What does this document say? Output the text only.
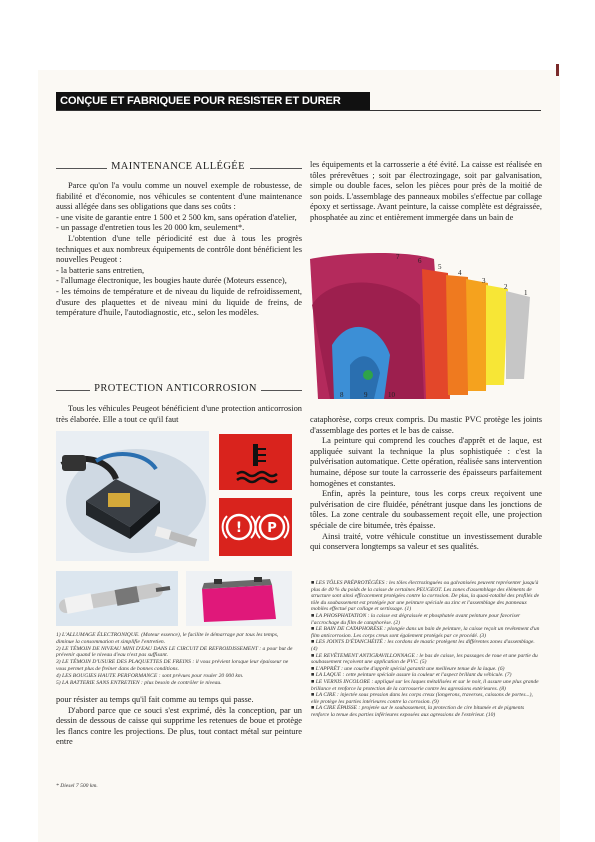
CONÇUE ET FABRIQUEE POUR RESISTER ET DURER
MAINTENANCE ALLÉGÉE

Parce qu'on l'a voulu comme un nouvel exemple de robustesse, de fiabilité et d'économie, nos véhicules se contentent d'une maintenance aussi allégée dans ses obligations que dans ses coûts :

- une visite de garantie entre 1 500 et 2 500 km, sans opération d'atelier,

- un passage d'entretien tous les 20 000 km, seulement*.

L'obtention d'une telle périodicité est due à tous les progrès techniques et aux nombreux équipements de contrôle dont bénéficient les nouvelles Peugeot :

- la batterie sans entretien,

- l'allumage électronique, les bougies haute durée (Moteurs essence),

- les témoins de température et de niveau du liquide de refroidissement, d'usure des plaquettes et de niveau mini du liquide de freins, de température d'huile, l'autodiagnostic, etc., selon les modèles.

PROTECTION ANTICORROSION

Tous les véhicules Peugeot bénéficient d'une protection anticorrosion très élaborée. Elle a tout ce qu'il faut

! P

1) L'ALLUMAGE ÉLECTRONIQUE. (Moteur essence), le facilite le démarrage par tous les temps, diminue la consommation et simplifie l'entretien.

2) LE TÉMOIN DE NIVEAU MINI D'EAU DANS LE CIRCUIT DE REFROIDISSEMENT : a pour but de prévenir quand le niveau d'eau n'est pas suffisant.

3) LE TÉMOIN D'USURE DES PLAQUETTES DE FREINS : il vous prévient lorsque leur épaisseur ne vous permet plus de freiner dans de bonnes conditions.

4) LES BOUGIES HAUTE PERFORMANCE : sont prévues pour rouler 20 000 km.

5) LA BATTERIE SANS ENTRETIEN : plus besoin de contrôler le niveau.

pour résister au temps qu'il fait comme au temps qui passe.

D'abord parce que ce souci s'est exprimé, dès la conception, par un dessin de dessous de caisse qui supprime les retenues de boue et protège les flancs contre les projections. De plus, tout contact métal sur peinture entre

* Diesel 7 500 km.

les équipements et la carrosserie a été évité. La caisse est réalisée en tôles prérevêtues ; soit par électrozingage, soit par galvanisation, simple ou double faces, selon les pièces pour près de la moitié de son poids. L'assemblage des panneaux mobiles s'effectue par collage époxy et sertissage. Avant peinture, la caisse complète est dégraissée, phosphatée au zinc et entièrement immergée dans un bain de

7	6
5
4
3
2
1
8	9	10

cataphorèse, corps creux compris. Du mastic PVC protège les joints d'assemblage des portes et le bas de caisse.

La peinture qui comprend les couches d'apprêt et de laque, est appliquée suivant la technique la plus sophistiquée : c'est la pulvérisation automatique. Cette opération, réalisée sans intervention humaine, dépose sur toute la carrosserie des épaisseurs parfaitement homogènes et constantes.

Enfin, après la peinture, tous les corps creux reçoivent une pulvérisation de cire fluidée, pénétrant jusque dans les jonctions de tôles. La zone centrale du soubassement reçoit elle, une projection spéciale de cire bitumée, très épaisse.

Ainsi traité, votre véhicule constitue un investissement durable qui conservera longtemps sa valeur et ses qualités.

■ LES TÔLES PRÉPROTÉGÉES : les tôles électrozinguées ou galvanisées peuvent représenter jusqu'à plus de 40 % du poids de la caisse de certaines PEUGEOT. Les zones d'assemblage des éléments de structure sont ainsi efficacement protégées contre la corrosion. De plus, la quasi-totalité des profilés de tôle du soubassement est protégée par une peinture spéciale au zinc et l'assemblage des panneaux mobiles effectué par collage et sertissage. (1)

■ LA PHOSPHATATION : la caisse est dégraissée et phosphatée avant peinture pour favoriser l'accrochage du film de cataphorèse. (2)

■ LE BAIN DE CATAPHORÈSE : plongée dans un bain de peinture, la caisse reçoit un revêtement d'un film anticorrosion. Les corps creux sont également protégés par ce procédé. (3)

■ LES JOINTS D'ÉTANCHÉITÉ : les cordons de mastic protègent les différentes zones d'assemblage. (4)

■ LE REVÊTEMENT ANTIGRAVILLONNAGE : le bas de caisse, les passages de roue et une partie du soubassement reçoivent une application de PVC. (5)

■ L'APPRÊT : une couche d'apprêt spécial garantit une meilleure tenue de la laque. (6)

■ LA LAQUE : cette peinture spéciale assure la couleur et l'aspect brillant du véhicule. (7)

■ LE VERNIS INCOLORE : appliqué sur les laques métallisées et sur le noir, il assure une plus grande brillance et renforce la protection de la carrosserie contre les agressions extérieures. (8)

■ LA CIRE : injectée sous pression dans les corps creux (longerons, traverses, caissons de portes...), elle protège les parties intérieures contre la corrosion. (9)

■ LA CIRE ÉPAISSE : projetée sur le soubassement, la protection de cire bitumée et de pigments renforce la tenue des parties inférieures exposées aux agressions de l'extérieur. (10)
